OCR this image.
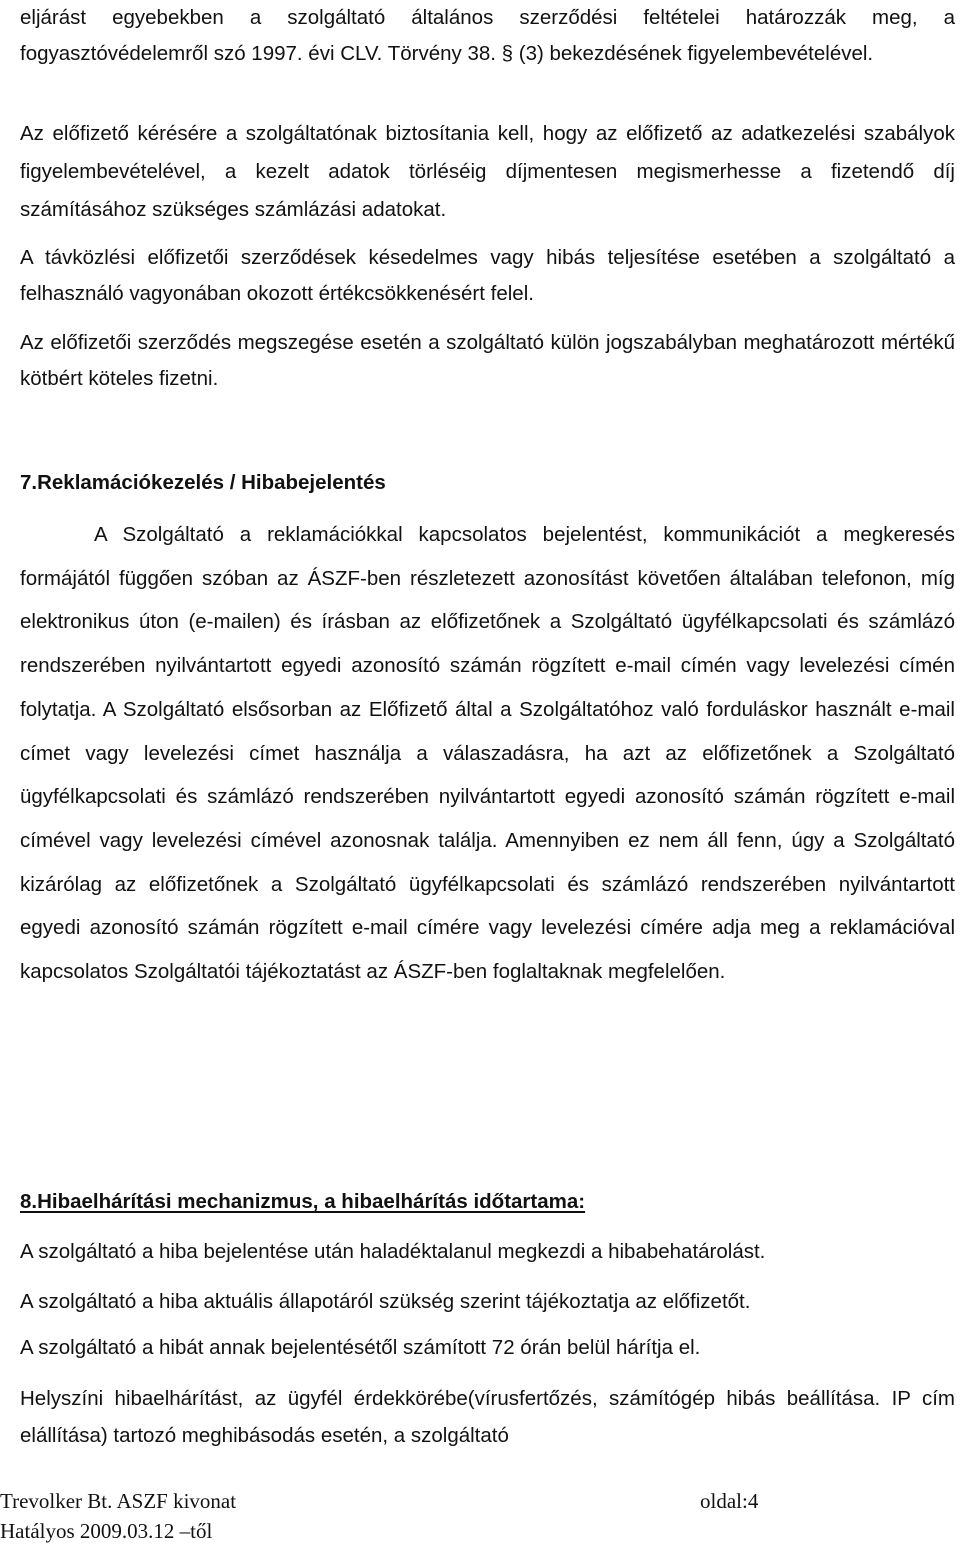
eljárást egyebekben a szolgáltató általános szerződési feltételei határozzák meg, a fogyasztóvédelemről szó 1997. évi CLV. Törvény 38. § (3) bekezdésének figyelembevételével.

Az előfizető kérésére a szolgáltatónak biztosítania kell, hogy az előfizető az adatkezelési szabályok figyelembevételével, a kezelt adatok törléséig díjmentesen megismerhesse a fizetendő díj számításához szükséges számlázási adatokat.

A távközlési előfizetői szerződések késedelmes vagy hibás teljesítése esetében a szolgáltató a felhasználó vagyonában okozott értékcsökkenésért felel.

Az előfizetői szerződés megszegése esetén a szolgáltató külön jogszabályban meghatározott mértékű kötbért köteles fizetni.

7.Reklamációkezelés / Hibabejelentés

A Szolgáltató a reklamációkkal kapcsolatos bejelentést, kommunikációt a megkeresés formájától függően szóban az ÁSZF-ben részletezett azonosítást követően általában telefonon, míg elektronikus úton (e-mailen) és írásban az előfizetőnek a Szolgáltató ügyfélkapcsolati és számlázó rendszerében nyilvántartott egyedi azonosító számán rögzített e-mail címén vagy levelezési címén folytatja. A Szolgáltató elsősorban az Előfizető által a Szolgáltatóhoz való forduláskor használt e-mail címet vagy levelezési címet használja a válaszadásra, ha azt az előfizetőnek a Szolgáltató ügyfélkapcsolati és számlázó rendszerében nyilvántartott egyedi azonosító számán rögzített e-mail címével vagy levelezési címével azonosnak találja. Amennyiben ez nem áll fenn, úgy a Szolgáltató kizárólag az előfizetőnek a Szolgáltató ügyfélkapcsolati és számlázó rendszerében nyilvántartott egyedi azonosító számán rögzített e-mail címére vagy levelezési címére adja meg a reklamációval kapcsolatos Szolgáltatói tájékoztatást az ÁSZF-ben foglaltaknak megfelelően.

8.Hibaelhárítási mechanizmus, a hibaelhárítás időtartama:

A szolgáltató a hiba bejelentése után haladéktalanul megkezdi a hibabehatárolást.

A szolgáltató a hiba aktuális állapotáról szükség szerint tájékoztatja az előfizetőt.

A szolgáltató a hibát annak bejelentésétől számított 72 órán belül hárítja el.

Helyszíni hibaelhárítást, az ügyfél érdekkörébe(vírusfertőzés, számítógép hibás beállítása. IP cím elállítása) tartozó meghibásodás esetén, a szolgáltató

Trevolker Bt. ASZF kivonat
Hatályos 2009.03.12 –től
oldal:4
